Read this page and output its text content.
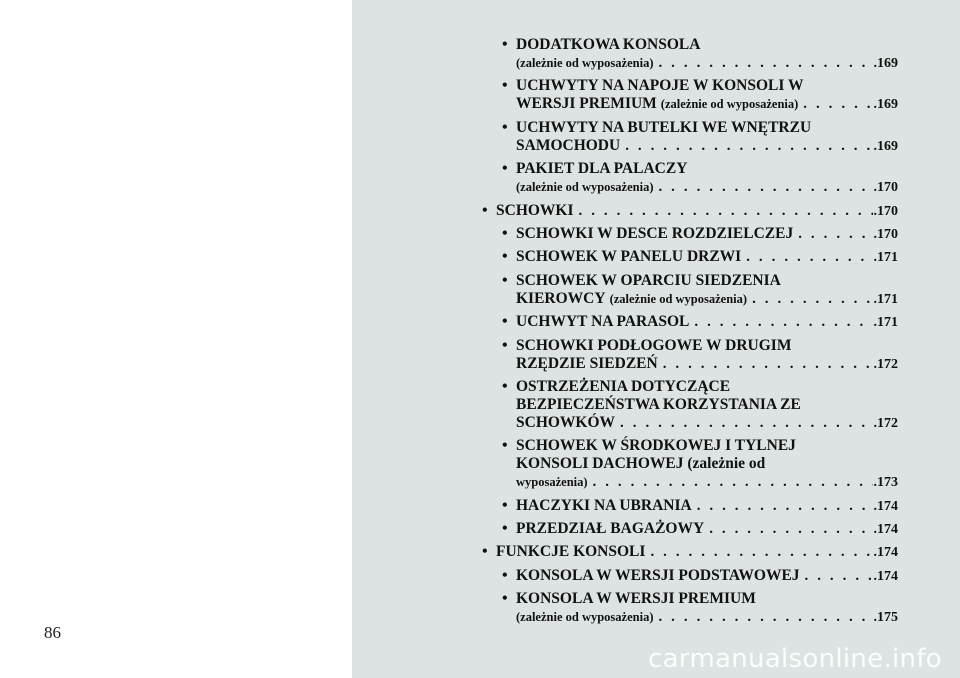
86
• DODATKOWA KONSOLA
(zależnie od wyposażenia) . . .	.169
• UCHWYTY NA NAPOJE W KONSOLI W
WERSJI PREMIUM (zależnie od wyposażenia) . . .	.169
• UCHWYTY NA BUTELKI WE WNĘTRZU
SAMOCHODU . . .	.169
• PAKIET DLA PALACZY
(zależnie od wyposażenia) . . .	.170
• SCHOWKI . . .	.170
• SCHOWKI W DESCE ROZDZIELCZEJ . . .	.170
• SCHOWEK W PANELU DRZWI . . .	.171
• SCHOWEK W OPARCIU SIEDZENIA
KIEROWCY (zależnie od wyposażenia) . . .	.171
• UCHWYT NA PARASOL . . .	.171
• SCHOWKI PODŁOGOWE W DRUGIM
RZĘDZIE SIEDZEŃ . . .	.172
• OSTRZEŻENIA DOTYCZĄCE
BEZPIECZEŃSTWA KORZYSTANIA ZE
SCHOWKÓW . . .	.172
• SCHOWEK W ŚRODKOWEJ I TYLNEJ
KONSOLI DACHOWEJ (zależnie od
wyposażenia) . . .	.173
• HACZYKI NA UBRANIA . . .	.174
• PRZEDZIAŁ BAGAŻOWY . . .	.174
• FUNKCJE KONSOLI . . .	.174
• KONSOLA W WERSJI PODSTAWOWEJ . . .	.174
• KONSOLA W WERSJI PREMIUM
(zależnie od wyposażenia) . . .	.175
carmanualsonline.info
